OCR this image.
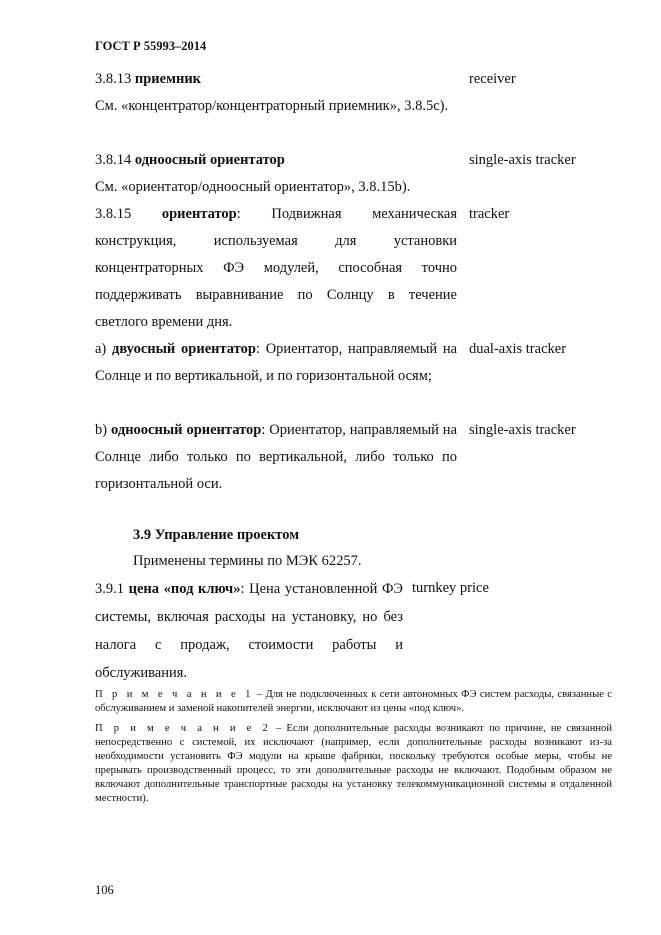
ГОСТ Р 55993–2014
3.8.13 приемник
См. «концентратор/концентраторный приемник», 3.8.5с).
receiver
3.8.14 одноосный ориентатор
См. «ориентатор/одноосный ориентатор», 3.8.15b).
single-axis tracker
3.8.15 ориентатор: Подвижная механическая конструкция, используемая для установки концентраторных ФЭ модулей, способная точно поддерживать выравнивание по Солнцу в течение светлого времени дня.
tracker
a) двуосный ориентатор: Ориентатор, направляемый на Солнце и по вертикальной, и по горизонтальной осям;
dual-axis tracker
b) одноосный ориентатор: Ориентатор, направляемый на Солнце либо только по вертикальной, либо только по горизонтальной оси.
single-axis tracker
3.9 Управление проектом
Применены термины по МЭК 62257.
3.9.1 цена «под ключ»: Цена установленной ФЭ системы, включая расходы на установку, но без налога с продаж, стоимости работы и обслуживания.
turnkey price
П р и м е ч а н и е 1 – Для не подключенных к сети автономных ФЭ систем расходы, связанные с обслуживанием и заменой накопителей энергии, исключают из цены «под ключ».
П р и м е ч а н и е 2 – Если дополнительные расходы возникают по причине, не связанной непосредственно с системой, их исключают (например, если дополнительные расходы возникают из-за необходимости установить ФЭ модули на крыше фабрики, поскольку требуются особые меры, чтобы не прерывать производственный процесс, то эти дополнительные расходы не включают. Подобным образом не включают дополнительные транспортные расходы на установку телекоммуникационной системы в отдаленной местности).
106
